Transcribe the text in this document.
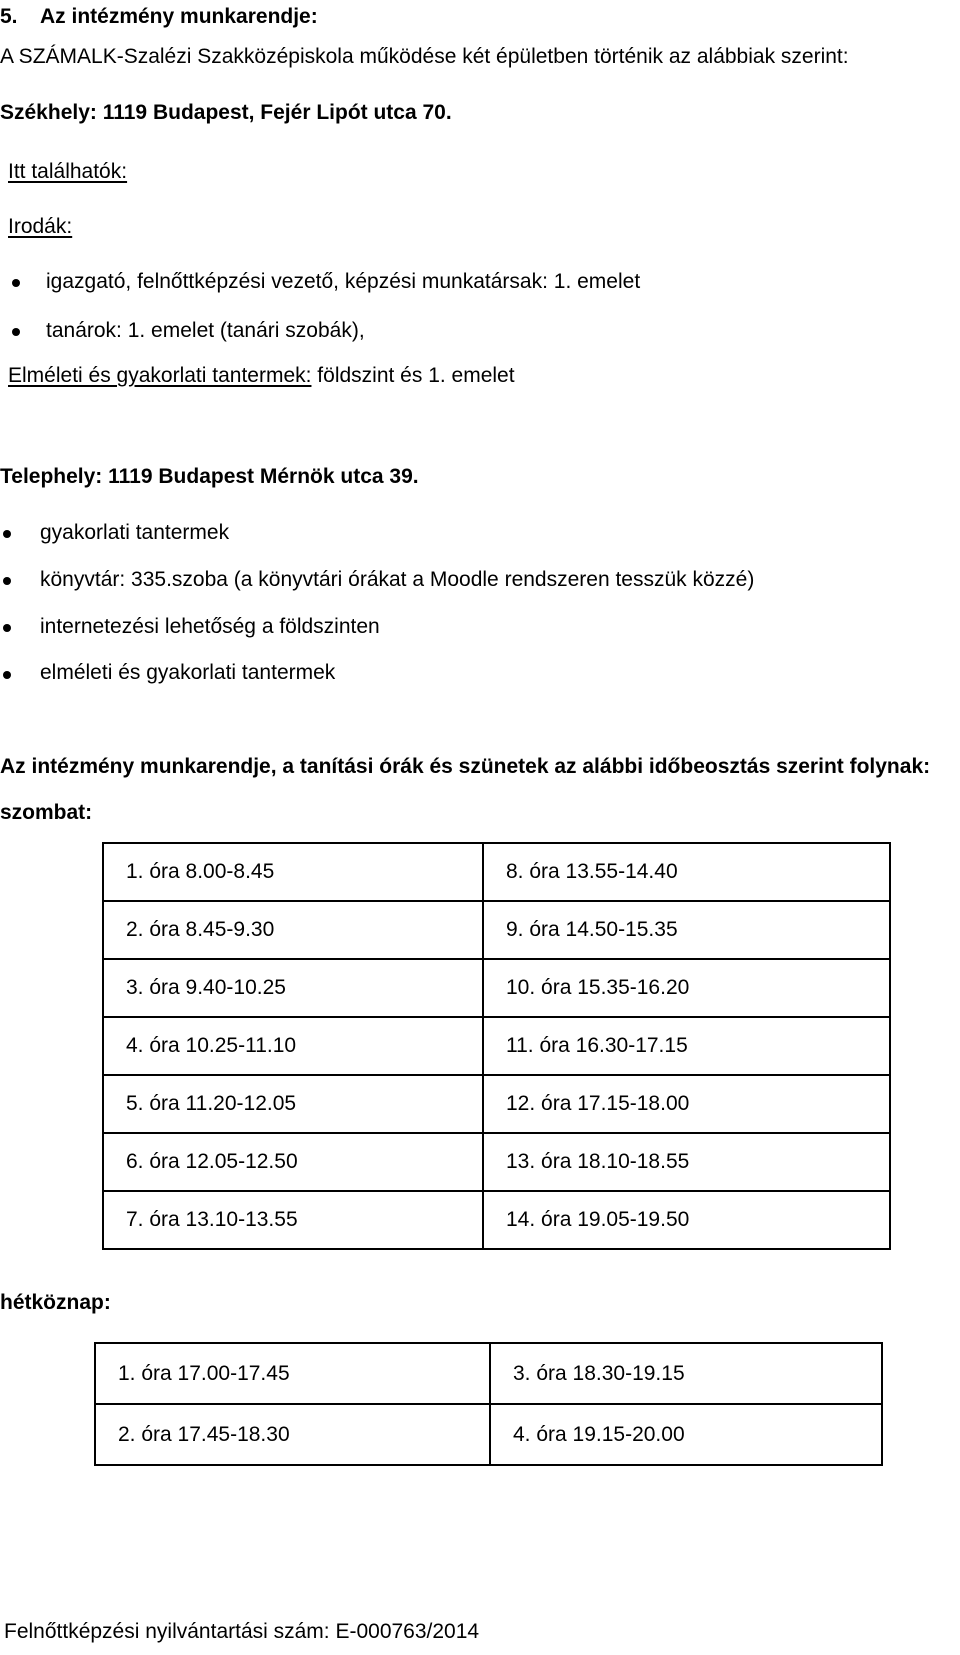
5. Az intézmény munkarendje:
A SZÁMALK-Szalézi Szakközépiskola működése két épületben történik az alábbiak szerint:
Székhely: 1119 Budapest, Fejér Lipót utca 70.
Itt találhatók:
Irodák:
igazgató, felnőttképzési vezető, képzési munkatársak: 1. emelet
tanárok: 1. emelet (tanári szobák),
Elméleti és gyakorlati tantermek: földszint és 1. emelet
Telephely: 1119 Budapest Mérnök utca 39.
gyakorlati tantermek
könyvtár: 335.szoba (a könyvtári órákat a Moodle rendszeren tesszük közzé)
internetezési lehetőség a földszinten
elméleti és gyakorlati tantermek
Az intézmény munkarendje, a tanítási órák és szünetek az alábbi időbeosztás szerint folynak:
szombat:
1. óra 8.00-8.45	8. óra 13.55-14.40
2. óra 8.45-9.30	9. óra 14.50-15.35
3. óra 9.40-10.25	10. óra 15.35-16.20
4. óra 10.25-11.10	11. óra 16.30-17.15
5. óra 11.20-12.05	12. óra 17.15-18.00
6. óra 12.05-12.50	13. óra 18.10-18.55
7. óra 13.10-13.55	14. óra 19.05-19.50
hétköznap:
1. óra 17.00-17.45	3. óra 18.30-19.15
2. óra 17.45-18.30	4. óra 19.15-20.00
Felnőttképzési nyilvántartási szám: E-000763/2014
